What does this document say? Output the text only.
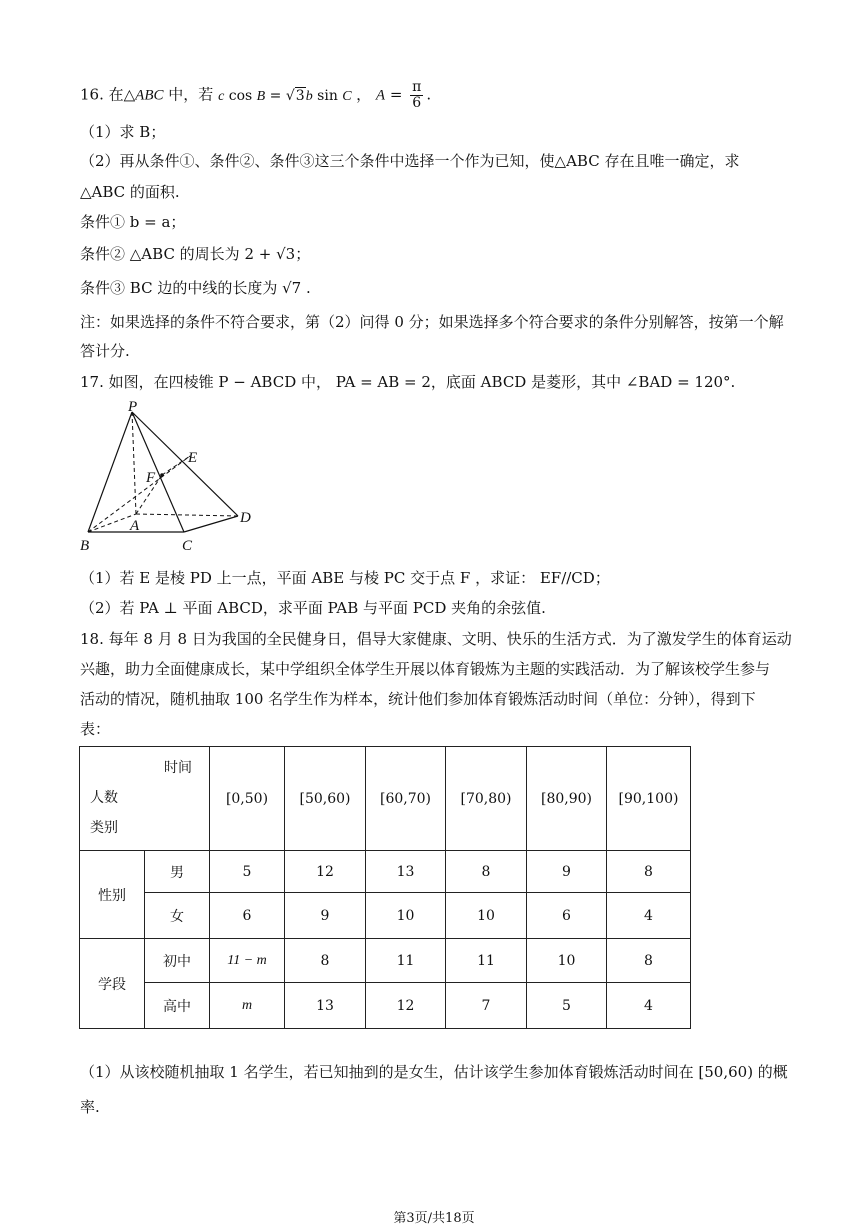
16. 在△ABC 中，若 c cos B = √3b sin C ， $A = \frac{\pi}{6}$ .
（1）求 B；
（2）再从条件①、条件②、条件③这三个条件中选择一个作为已知，使△ABC 存在且唯一确定，求
△ABC 的面积.
条件① b = a；
条件② △ABC 的周长为 2 + √3；
条件③ BC 边的中线的长度为 √7 .
注：如果选择的条件不符合要求，第（2）问得 0 分；如果选择多个符合要求的条件分别解答，按第一个解
答计分.
17. 如图，在四棱锥 P − ABCD 中， PA = AB = 2，底面 ABCD 是菱形，其中 ∠BAD = 120°.
P
E
F
A	D
B	C
（1）若 E 是棱 PD 上一点，平面 ABE 与棱 PC 交于点 F ，求证： EF//CD；
（2）若 PA ⊥ 平面 ABCD，求平面 PAB 与平面 PCD 夹角的余弦值.
18. 每年 8 月 8 日为我国的全民健身日，倡导大家健康、文明、快乐的生活方式．为了激发学生的体育运动
兴趣，助力全面健康成长，某中学组织全体学生开展以体育锻炼为主题的实践活动．为了解该校学生参与
活动的情况，随机抽取 100 名学生作为样本，统计他们参加体育锻炼活动时间（单位：分钟），得到下
表：
时间
人数
类别		[0,50)	[50,60)	[60,70)	[70,80)	[80,90)	[90,100)
性别	男	5	12	13	8	9	8
	女	6	9	10	10	6	4
学段	初中	11 − m	8	11	11	10	8
	高中	m	13	12	7	5	4
（1）从该校随机抽取 1 名学生，若已知抽到的是女生，估计该学生参加体育锻炼活动时间在 [50,60) 的概
率.
第3页/共18页
